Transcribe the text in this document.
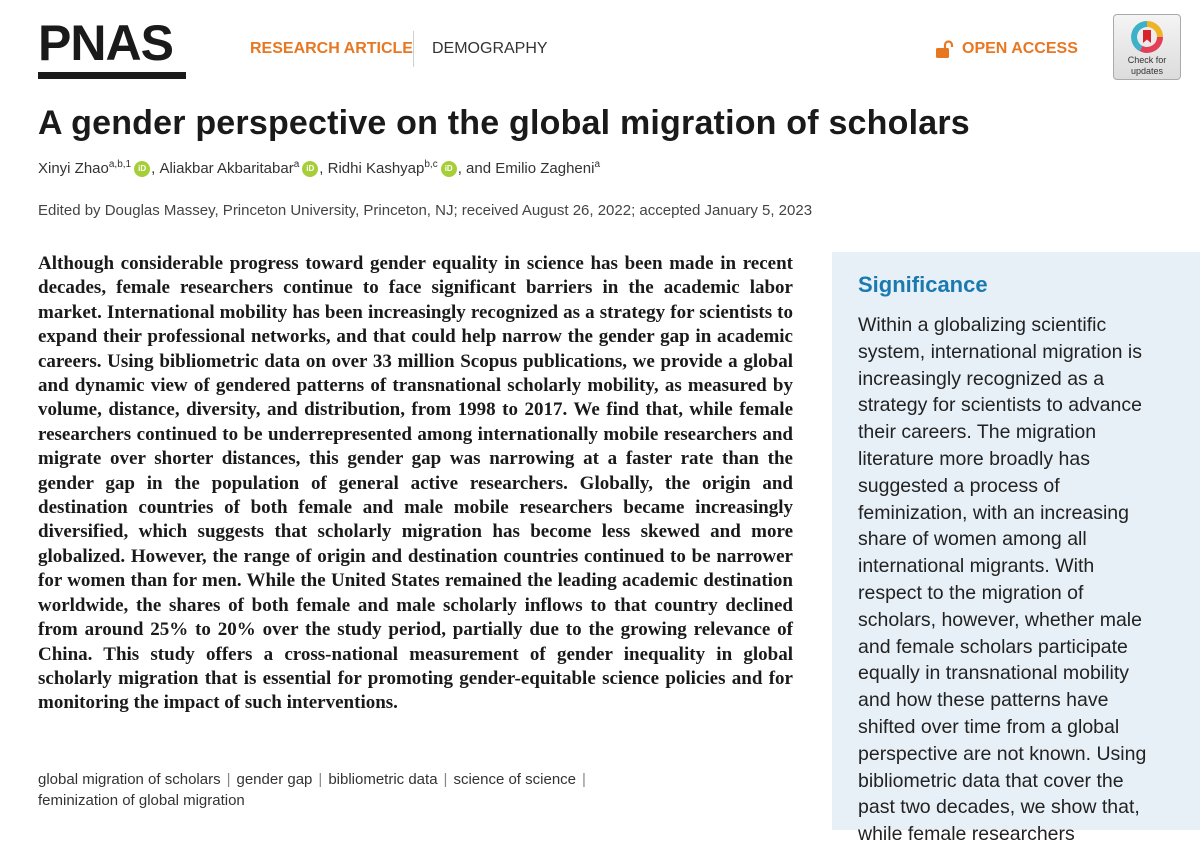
PNAS	RESEARCH ARTICLE DEMOGRAPHY	OPEN ACCESS
Check for
updates
A gender perspective on the global migration of scholars
Xinyi Zhao$^{a,b,1}$ iD , Aliakbar Akbaritabar$^a$ iD , Ridhi Kashyap$^{b,c}$ iD , and Emilio Zagheni$^a$
Edited by Douglas Massey, Princeton University, Princeton, NJ; received August 26, 2022; accepted January 5, 2023

Although considerable progress toward gender equality in science has been made in recent decades, female researchers continue to face significant barriers in the academic labor market. International mobility has been increasingly recognized as a strategy for scientists to expand their professional networks, and that could help narrow the gender gap in academic careers. Using bibliometric data on over 33 million Scopus publications, we provide a global and dynamic view of gendered patterns of transnational scholarly mobility, as measured by volume, distance, diversity, and distribution, from 1998 to 2017. We find that, while female researchers continued to be underrepresented among internationally mobile researchers and migrate over shorter distances, this gender gap was narrowing at a faster rate than the gender gap in the population of general active researchers. Globally, the origin and destination countries of both female and male mobile researchers became increasingly diversified, which suggests that scholarly migration has become less skewed and more globalized. However, the range of origin and destination countries continued to be narrower for women than for men. While the United States remained the leading academic destination worldwide, the shares of both female and male scholarly inflows to that country declined from around 25% to 20% over the study period, partially due to the growing relevance of China. This study offers a cross-national measurement of gender inequality in global scholarly migration that is essential for promoting gender-equitable science policies and for monitoring the impact of such interventions.

global migration of scholars | gender gap | bibliometric data | science of science |
feminization of global migration
Significance

Within a globalizing scientific system, international migration is increasingly recognized as a strategy for scientists to advance their careers. The migration literature more broadly has suggested a process of feminization, with an increasing share of women among all international migrants. With respect to the migration of scholars, however, whether male and female scholars participate equally in transnational mobility and how these patterns have shifted over time from a global perspective are not known. Using bibliometric data that cover the past two decades, we show that, while female researchers
